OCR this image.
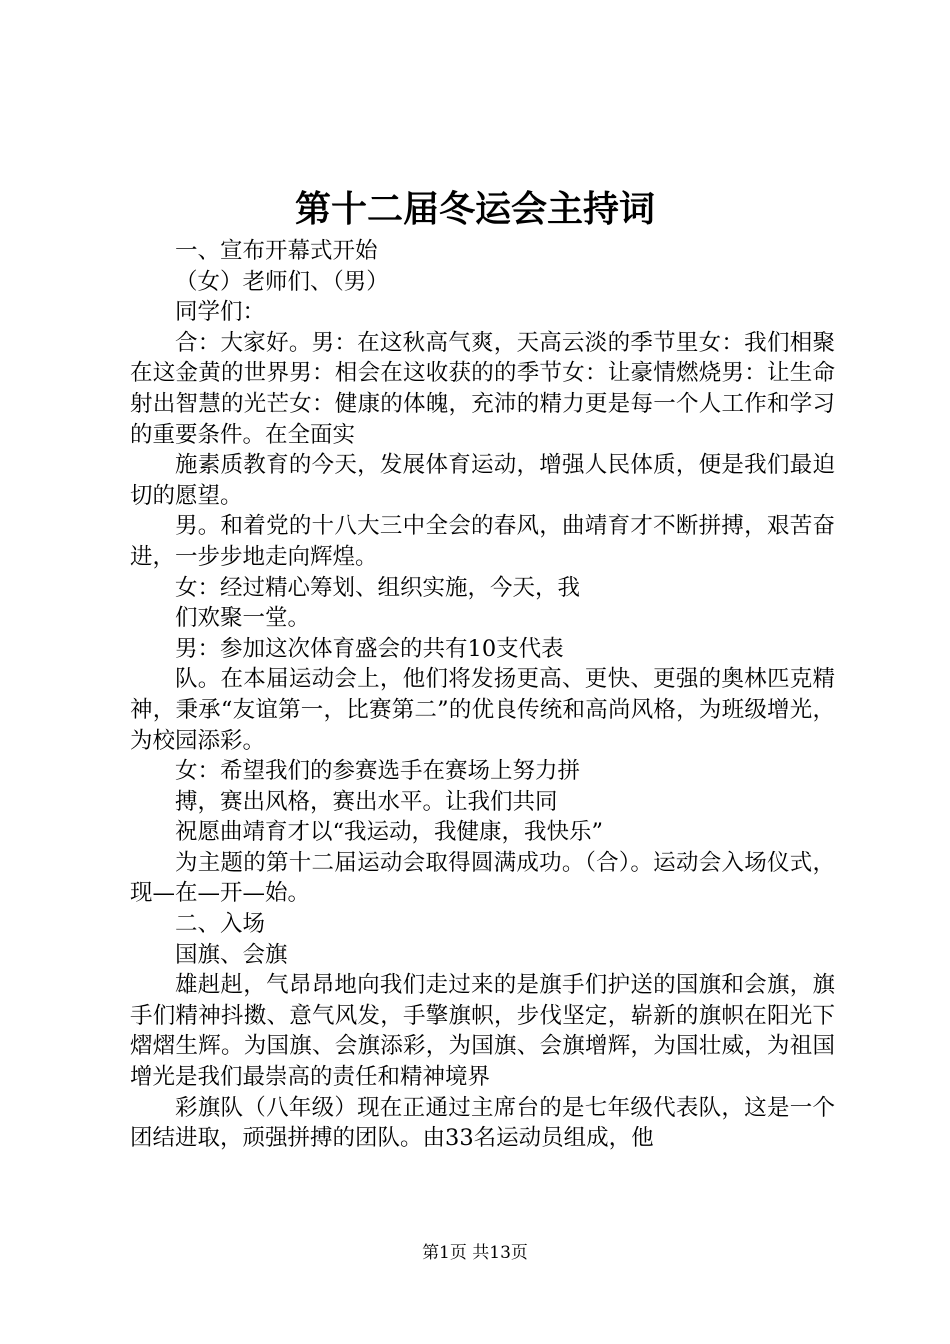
第十二届冬运会主持词

一、宣布开幕式开始

（女）老师们、（男）

同学们：

合：大家好。男：在这秋高气爽，天高云淡的季节里女：我们相聚在这金黄的世界男：相会在这收获的的季节女：让豪情燃烧男：让生命射出智慧的光芒女：健康的体魄，充沛的精力更是每一个人工作和学习的重要条件。在全面实

施素质教育的今天，发展体育运动，增强人民体质，便是我们最迫切的愿望。

男。和着党的十八大三中全会的春风，曲靖育才不断拼搏，艰苦奋进，一步步地走向辉煌。

女：经过精心筹划、组织实施，今天，我

们欢聚一堂。

男：参加这次体育盛会的共有10支代表

队。在本届运动会上，他们将发扬更高、更快、更强的奥林匹克精神，秉承“友谊第一，比赛第二”的优良传统和高尚风格，为班级增光，为校园添彩。

女：希望我们的参赛选手在赛场上努力拼

搏，赛出风格，赛出水平。让我们共同

祝愿曲靖育才以“我运动，我健康，我快乐”

为主题的第十二届运动会取得圆满成功。（合）。运动会入场仪式，现—在—开—始。

二、入场

国旗、会旗

雄赳赳，气昂昂地向我们走过来的是旗手们护送的国旗和会旗，旗手们精神抖擞、意气风发，手擎旗帜，步伐坚定，崭新的旗帜在阳光下熠熠生辉。为国旗、会旗添彩，为国旗、会旗增辉，为国壮威，为祖国增光是我们最崇高的责任和精神境界

彩旗队（八年级）现在正通过主席台的是七年级代表队，这是一个团结进取，顽强拼搏的团队。由33名运动员组成，他

第1页 共13页
